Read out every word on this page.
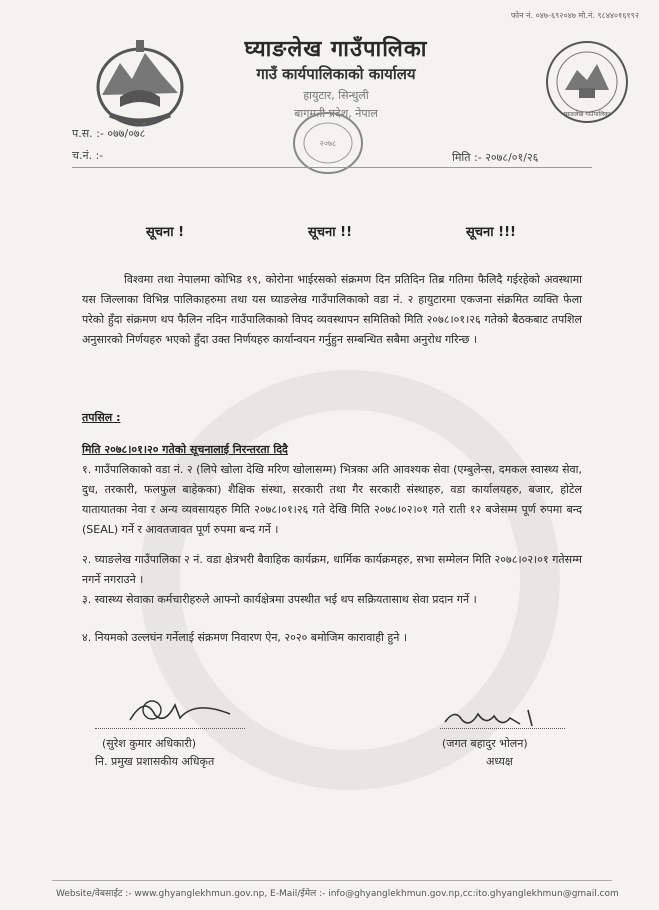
फोन नं. ०४७-६९२०४७ मो.नं. ९८४४०१६१९२
घ्याङलेख गाउँपालिका
गाउँ कार्यपालिकाको कार्यालय
हायुटार, सिन्धुली
बागमती प्रदेश, नेपाल
२०७८
घ्याङलेख गाउँपालिका
प.स. :- ०७७/०७८
च.नं. :-	मिति :- २०७८/०१/२६
सूचना !	सूचना !!	सूचना !!!
विश्वमा तथा नेपालमा कोभिड १९, कोरोना भाईरसको संक्रमण दिन प्रतिदिन तिब्र गतिमा फैलिदै गईरहेको अवस्थामा यस जिल्लाका विभिन्न पालिकाहरुमा तथा यस घ्याङलेख गाउँपालिकाको वडा नं. २ हायुटारमा एकजना संक्रमित व्यक्ति फेला परेको हुँदा संक्रमण थप फैलिन नदिन गाउँपालिकाको विपद व्यवस्थापन समितिको मिति २०७८।०१।२६ गतेको बैठकबाट तपशिल अनुसारको निर्णयहरु भएको हुँदा उक्त निर्णयहरु कार्यान्वयन गर्नुहुन सम्बन्धित सबैमा अनुरोध गरिन्छ ।
तपसिल :
मिति २०७८।०१।२० गतेको सूचनालाई निरन्तरता दिदै
१. गाउँपालिकाको वडा नं. २ (लिपे खोला देखि मरिण खोलासम्म) भित्रका अति आवश्यक सेवा (एम्बुलेन्स, दमकल स्वास्थ्य सेवा, दुध, तरकारी, फलफुल बाहेकका) शैक्षिक संस्था, सरकारी तथा गैर सरकारी संस्थाहरु, वडा कार्यालयहरु, बजार, होटेल यातायातका नेवा र अन्य व्यवसायहरु मिति २०७८।०१।२६ गते देखि मिति २०७८।०२।०१ गते राती १२ बजेसम्म पूर्ण रुपमा बन्द (SEAL) गर्ने र आवतजावत पूर्ण रुपमा बन्द गर्ने ।
२. घ्याङलेख गाउँपालिका २ नं. वडा क्षेत्रभरी बैवाहिक कार्यक्रम, धार्मिक कार्यक्रमहरु, सभा सम्मेलन मिति २०७८।०२।०१ गतेसम्म नगर्ने नगराउने ।
३. स्वास्थ्य सेवाका कर्मचारीहरुले आफ्नो कार्यक्षेत्रमा उपस्थीत भई थप सक्रियतासाथ सेवा प्रदान गर्ने ।
४. नियमको उल्लघंन गर्नेलाई संक्रमण निवारण ऐन, २०२० बमोजिम कारावाही हुने ।
(सुरेश कुमार अधिकारी)
नि. प्रमुख प्रशासकीय अधिकृत
(जगत बहादुर भोलन)
अध्यक्ष
Website/वेबसाईट :- www.ghyanglekhmun.gov.np, E-Mail/ईमेल :- info@ghyanglekhmun.gov.np,cc:ito.ghyanglekhmun@gmail.com
